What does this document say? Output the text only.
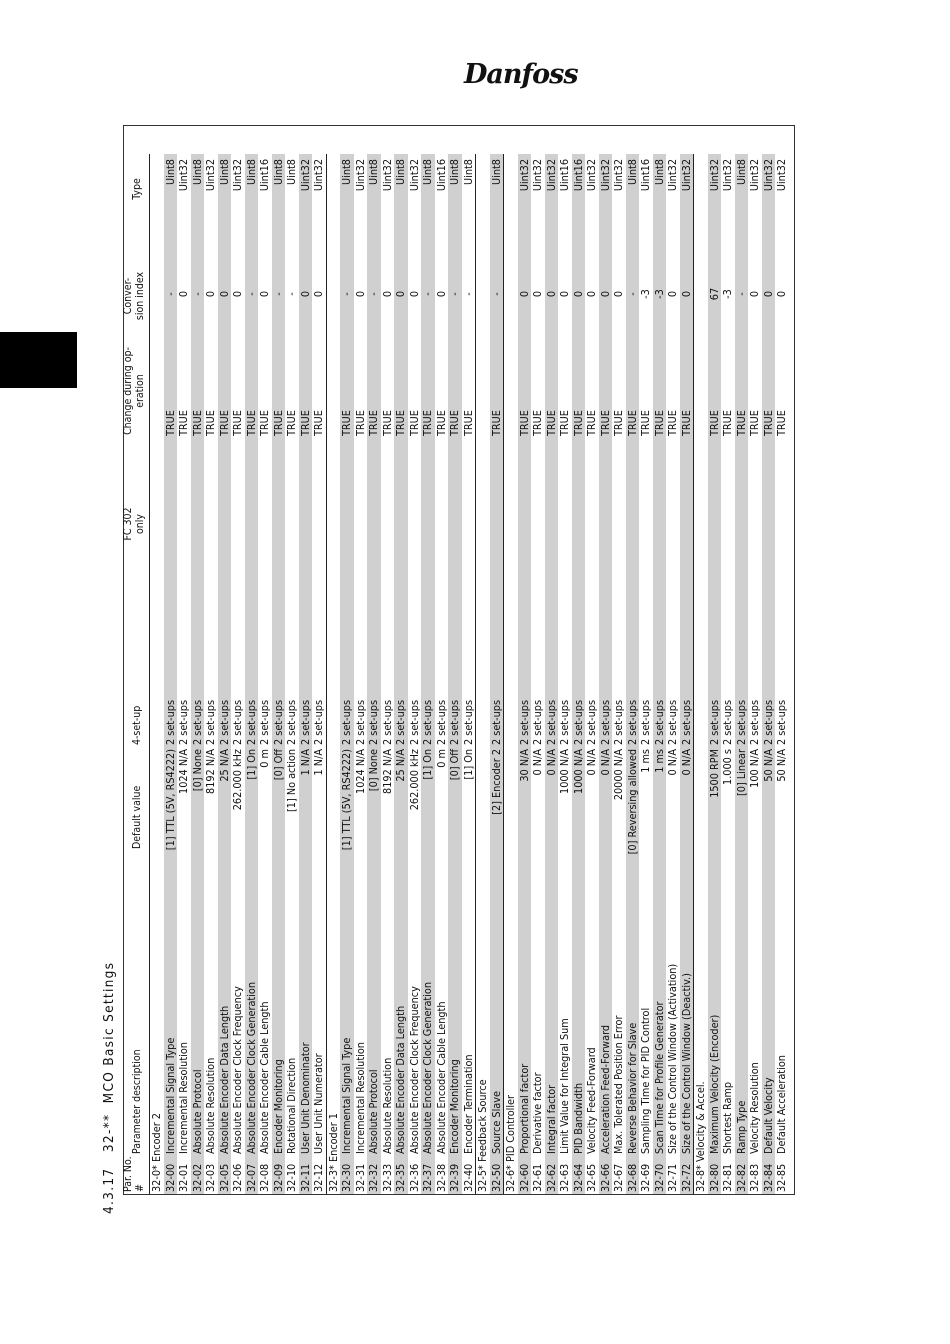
Danfoss
4.3.17   32-**  MCO Basic Settings
Par. No.
#
Parameter description
Default value
4-set-up
FC 302
only
Change during op-
eration
Conver-
sion index
Type
32-0* Encoder 2 32-00
Incremental Signal Type
[1] TTL (5V, RS4222)
2 set-ups
TRUE
-
Uint8
32-01
Incremental Resolution
1024 N/A
2 set-ups
TRUE
0
Uint32
32-02
Absolute Protocol
[0] None
2 set-ups
TRUE
-
Uint8
32-03
Absolute Resolution
8192 N/A
2 set-ups
TRUE
0
Uint32
32-05
Absolute Encoder Data Length
25 N/A
2 set-ups
TRUE
0
Uint8
32-06
Absolute Encoder Clock Frequency
262.000 kHz
2 set-ups
TRUE
0
Uint32
32-07
Absolute Encoder Clock Generation
[1] On
2 set-ups
TRUE
-
Uint8
32-08
Absolute Encoder Cable Length
0 m
2 set-ups
TRUE
0
Uint16
32-09
Encoder Monitoring
[0] Off
2 set-ups
TRUE
-
Uint8
32-10
Rotational Direction
[1] No action
2 set-ups
TRUE
-
Uint8
32-11
User Unit Denominator
1 N/A
2 set-ups
TRUE
0
Uint32
32-12
User Unit Numerator
1 N/A
2 set-ups
TRUE
0
Uint32
32-3* Encoder 1 32-30
Incremental Signal Type
[1] TTL (5V, RS4222)
2 set-ups
TRUE
-
Uint8
32-31
Incremental Resolution
1024 N/A
2 set-ups
TRUE
0
Uint32
32-32
Absolute Protocol
[0] None
2 set-ups
TRUE
-
Uint8
32-33
Absolute Resolution
8192 N/A
2 set-ups
TRUE
0
Uint32
32-35
Absolute Encoder Data Length
25 N/A
2 set-ups
TRUE
0
Uint8
32-36
Absolute Encoder Clock Frequency
262.000 kHz
2 set-ups
TRUE
0
Uint32
32-37
Absolute Encoder Clock Generation
[1] On
2 set-ups
TRUE
-
Uint8
32-38
Absolute Encoder Cable Length
0 m
2 set-ups
TRUE
0
Uint16
32-39
Encoder Monitoring
[0] Off
2 set-ups
TRUE
-
Uint8
32-40
Encoder Termination
[1] On
2 set-ups
TRUE
-
Uint8
32-5* Feedback Source 32-50
Source Slave
[2] Encoder 2
2 set-ups
TRUE
-
Uint8
32-6* PID Controller 32-60
Proportional factor
30 N/A
2 set-ups
TRUE
0
Uint32
32-61
Derivative factor
0 N/A
2 set-ups
TRUE
0
Uint32
32-62
Integral factor
0 N/A
2 set-ups
TRUE
0
Uint32
32-63
Limit Value for Integral Sum
1000 N/A
2 set-ups
TRUE
0
Uint16
32-64
PID Bandwidth
1000 N/A
2 set-ups
TRUE
0
Uint16
32-65
Velocity Feed-Forward
0 N/A
2 set-ups
TRUE
0
Uint32
32-66
Acceleration Feed-Forward
0 N/A
2 set-ups
TRUE
0
Uint32
32-67
Max. Tolerated Position Error
20000 N/A
2 set-ups
TRUE
0
Uint32
32-68
Reverse Behavior for Slave
[0] Reversing allowed
2 set-ups
TRUE
-
Uint8
32-69
Sampling Time for PID Control
1 ms
2 set-ups
TRUE
-3
Uint16
32-70
Scan Time for Profile Generator
1 ms
2 set-ups
TRUE
-3
Uint8
32-71
Size of the Control Window (Activation)
0 N/A
2 set-ups
TRUE
0
Uint32
32-72
Size of the Control Window (Deactiv.)
0 N/A
2 set-ups
TRUE
0
Uint32
32-8* Velocity & Accel. 32-80
Maximum Velocity (Encoder)
1500 RPM
2 set-ups
TRUE
67
Uint32
32-81
Shortest Ramp
1.000 s
2 set-ups
TRUE
-3
Uint32
32-82
Ramp Type
[0] Linear
2 set-ups
TRUE
-
Uint8
32-83
Velocity Resolution
100 N/A
2 set-ups
TRUE
0
Uint32
32-84
Default Velocity
50 N/A
2 set-ups
TRUE
0
Uint32
32-85
Default Acceleration
50 N/A
2 set-ups
TRUE
0
Uint32
